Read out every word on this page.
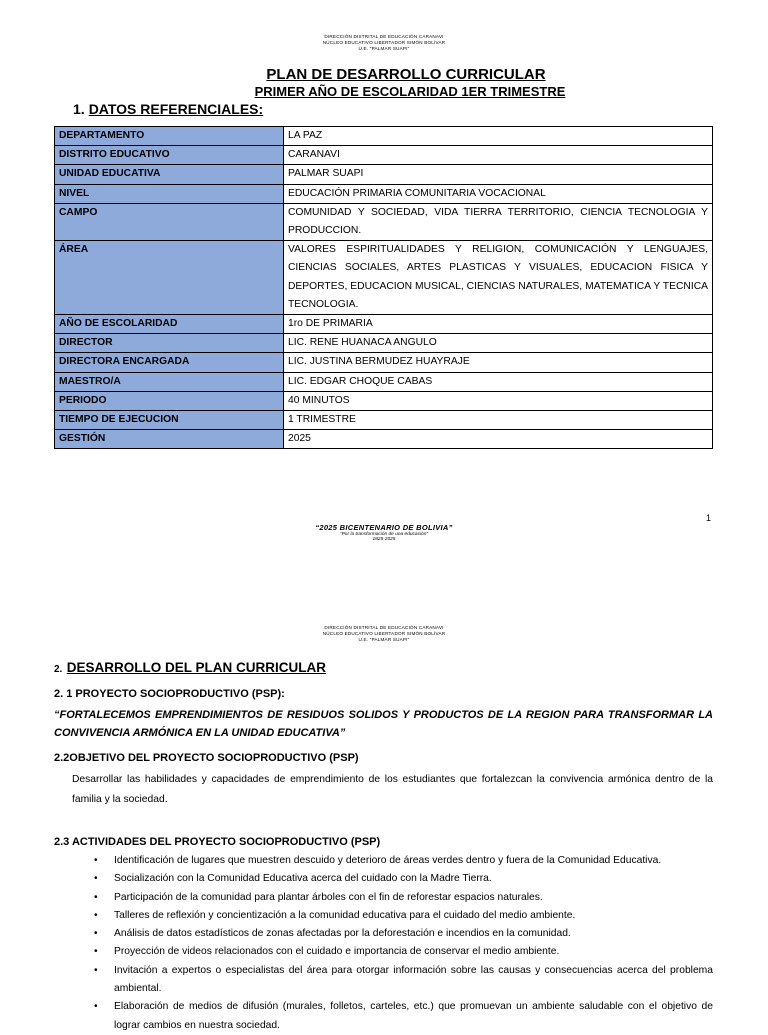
DIRECCIÓN DISTRITAL DE EDUCACIÓN CARANAVI
NÚCLEO EDUCATIVO LIBERTADOR SIMÓN BOLÍVAR
U.E. "PALMAR SUAPI"
PLAN DE DESARROLLO CURRICULAR
PRIMER AÑO DE ESCOLARIDAD 1ER TRIMESTRE
1. DATOS REFERENCIALES:
DEPARTAMENTO	LA PAZ
DISTRITO EDUCATIVO	CARANAVI
UNIDAD EDUCATIVA	PALMAR SUAPI
NIVEL	EDUCACIÓN PRIMARIA COMUNITARIA VOCACIONAL
CAMPO	COMUNIDAD Y SOCIEDAD, VIDA TIERRA TERRITORIO, CIENCIA TECNOLOGIA Y PRODUCCION.
ÁREA	VALORES ESPIRITUALIDADES Y RELIGION, COMUNICACIÓN Y LENGUAJES, CIENCIAS SOCIALES, ARTES PLASTICAS Y VISUALES, EDUCACION FISICA Y DEPORTES, EDUCACION MUSICAL, CIENCIAS NATURALES, MATEMATICA Y TECNICA TECNOLOGIA.
AÑO DE ESCOLARIDAD	1ro DE PRIMARIA
DIRECTOR	LIC. RENE HUANACA ANGULO
DIRECTORA ENCARGADA	LIC. JUSTINA BERMUDEZ HUAYRAJE
MAESTRO/A	LIC. EDGAR CHOQUE CABAS
PERIODO	40 MINUTOS
TIEMPO DE EJECUCION	1 TRIMESTRE
GESTIÓN	2025
1
“2025 BICENTENARIO DE BOLIVIA”
“Por la transformación de una educación”
1825-2025
DIRECCIÓN DISTRITAL DE EDUCACIÓN CARANAVI
NÚCLEO EDUCATIVO LIBERTADOR SIMÓN BOLÍVAR
U.E. "PALMAR SUAPI"
2. DESARROLLO DEL PLAN CURRICULAR
2. 1 PROYECTO SOCIOPRODUCTIVO (PSP):
“FORTALECEMOS EMPRENDIMIENTOS DE RESIDUOS SOLIDOS Y PRODUCTOS DE LA REGION PARA TRANSFORMAR LA CONVIVENCIA ARMÓNICA EN LA UNIDAD EDUCATIVA”
2.2OBJETIVO DEL PROYECTO SOCIOPRODUCTIVO (PSP)
Desarrollar las habilidades y capacidades de emprendimiento de los estudiantes que fortalezcan la convivencia armónica dentro de la familia y la sociedad.
2.3 ACTIVIDADES DEL PROYECTO SOCIOPRODUCTIVO (PSP)
• Identificación de lugares que muestren descuido y deterioro de áreas verdes dentro y fuera de la Comunidad Educativa.
• Socialización con la Comunidad Educativa acerca del cuidado con la Madre Tierra.
• Participación de la comunidad para plantar árboles con el fin de reforestar espacios naturales.
• Talleres de reflexión y concientización a la comunidad educativa para el cuidado del medio ambiente.
• Análisis de datos estadísticos de zonas afectadas por la deforestación e incendios en la comunidad.
• Proyección de videos relacionados con el cuidado e importancia de conservar el medio ambiente.
• Invitación a expertos o especialistas del área para otorgar información sobre las causas y consecuencias acerca del problema ambiental.
• Elaboración de medios de difusión (murales, folletos, carteles, etc.) que promuevan un ambiente saludable con el objetivo de lograr cambios en nuestra sociedad.
